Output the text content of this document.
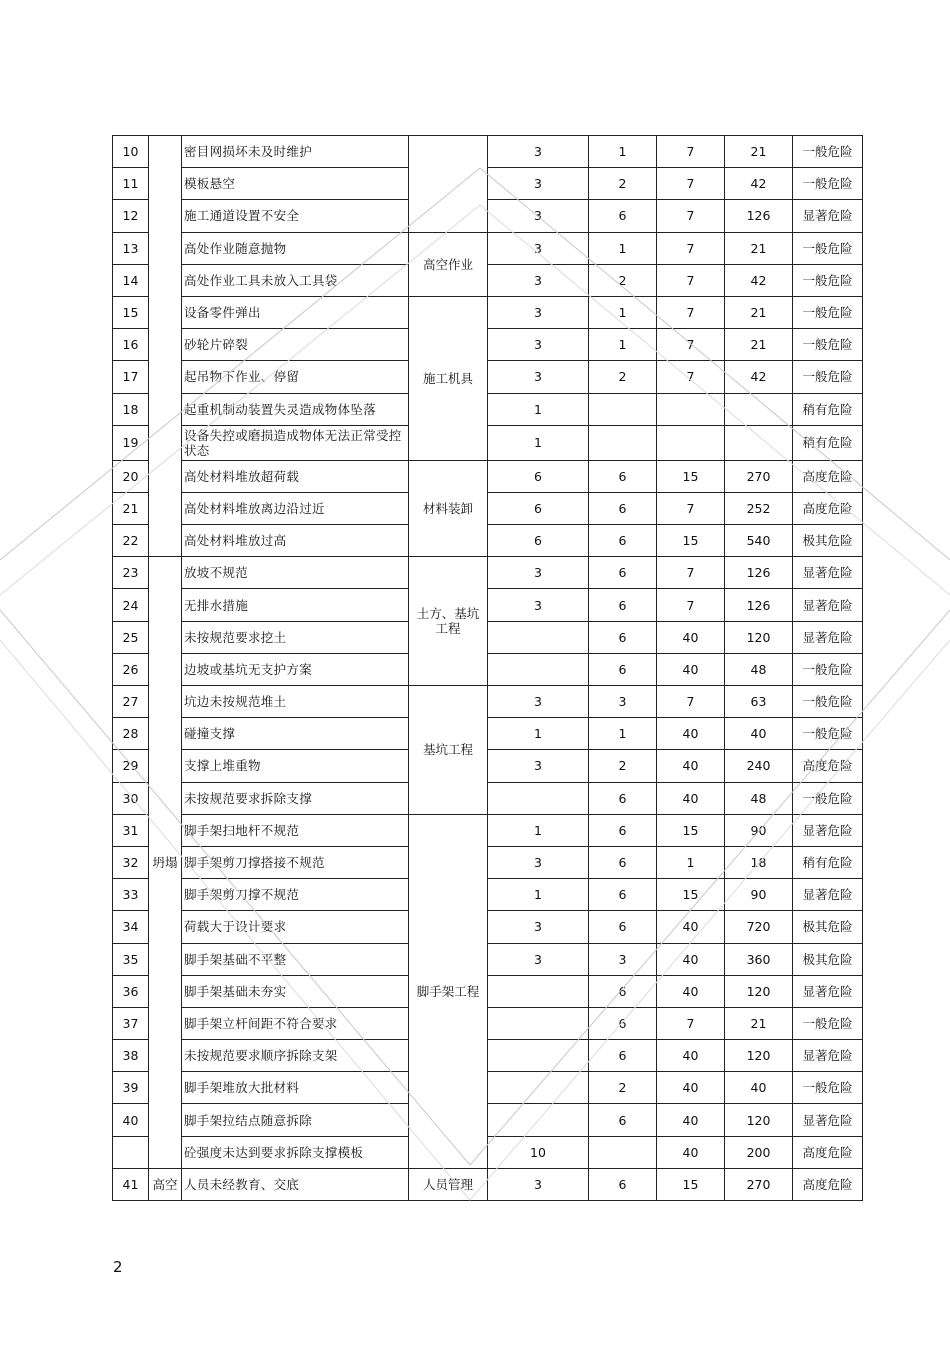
10		密目网损坏未及时维护		3	1	7	21	一般危险
11		模板悬空		3	2	7	42	一般危险
12		施工通道设置不安全		3	6	7	126	显著危险
13		高处作业随意抛物	高空作业	3	1	7	21	一般危险
14		高处作业工具未放入工具袋		3	2	7	42	一般危险
15		设备零件弹出	施工机具	3	1	7	21	一般危险
16		砂轮片碎裂		3	1	7	21	一般危险
17		起吊物下作业、停留		3	2	7	42	一般危险
18		起重机制动装置失灵造成物体坠落		1				稍有危险
19		设备失控或磨损造成物体无法正常受控状态		1				稍有危险
20		高处材料堆放超荷载	材料装卸	6	6	15	270	高度危险
21		高处材料堆放离边沿过近		6	6	7	252	高度危险
22		高处材料堆放过高		6	6	15	540	极其危险
23	坍塌	放坡不规范	土方、基坑工程	3	6	7	126	显著危险
24		无排水措施		3	6	7	126	显著危险
25		未按规范要求挖土			6	40	120	显著危险
26		边坡或基坑无支护方案			6	40	48	一般危险
27		坑边未按规范堆土	基坑工程	3	3	7	63	一般危险
28		碰撞支撑		1	1	40	40	一般危险
29		支撑上堆重物		3	2	40	240	高度危险
30		未按规范要求拆除支撑			6	40	48	一般危险
31		脚手架扫地杆不规范	脚手架工程	1	6	15	90	显著危险
32		脚手架剪刀撑搭接不规范		3	6	1	18	稍有危险
33		脚手架剪刀撑不规范		1	6	15	90	显著危险
34		荷载大于设计要求		3	6	40	720	极其危险
35		脚手架基础不平整		3	3	40	360	极其危险
36		脚手架基础未夯实			6	40	120	显著危险
37		脚手架立杆间距不符合要求			6	7	21	一般危险
38		未按规范要求顺序拆除支架			6	40	120	显著危险
39		脚手架堆放大批材料			2	40	40	一般危险
40		脚手架拉结点随意拆除			6	40	120	显著危险
		砼强度未达到要求拆除支撑模板		10		40	200	高度危险
41	高空	人员未经教育、交底	人员管理	3	6	15	270	高度危险
2
